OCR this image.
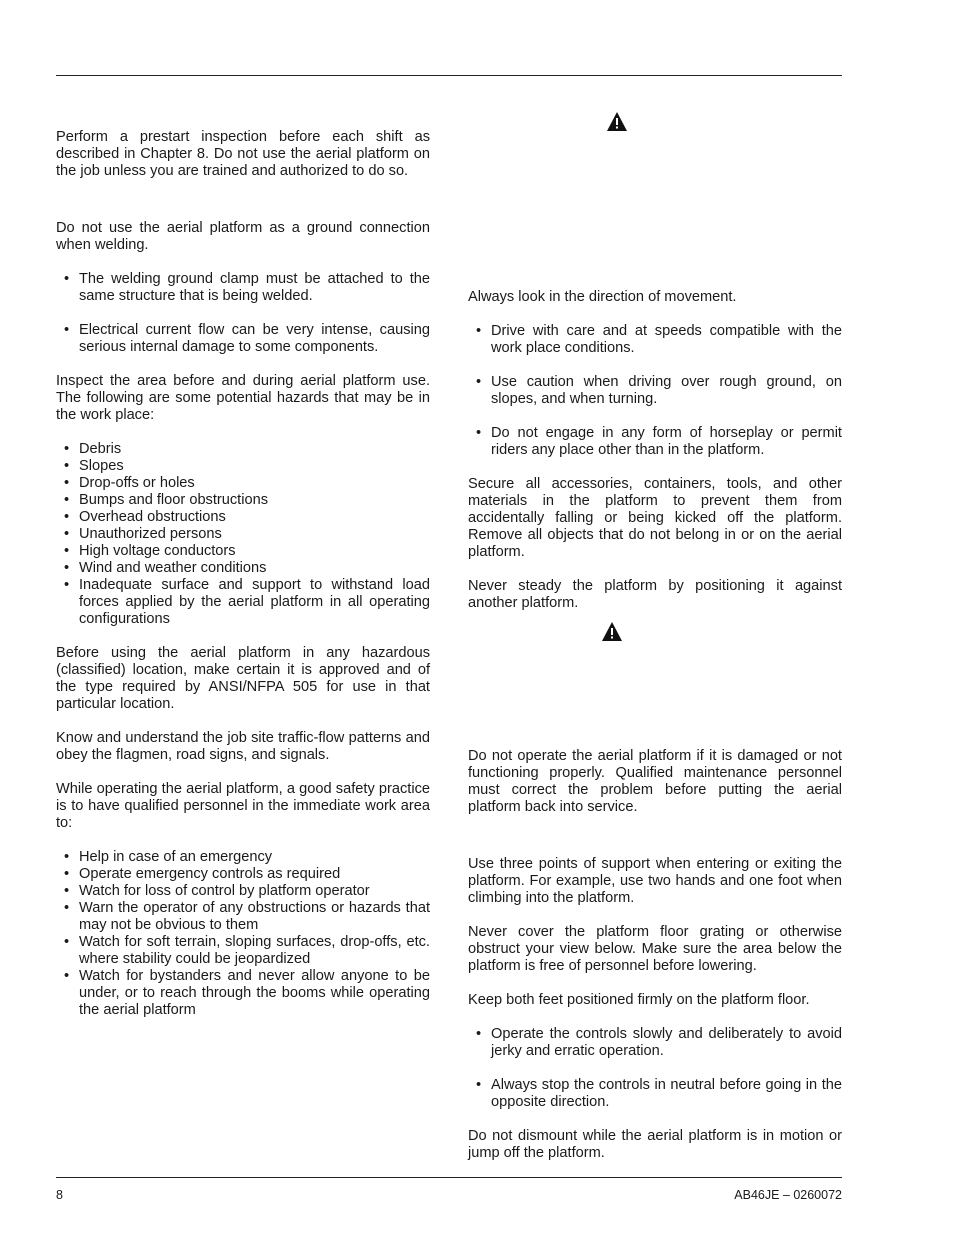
Perform a prestart inspection before each shift as described in Chapter 8. Do not use the aerial platform on the job unless you are trained and authorized to do so.

Do not use the aerial platform as a ground connection when welding.

• The welding ground clamp must be attached to the same structure that is being welded.
• Electrical current flow can be very intense, causing serious internal damage to some components.

Inspect the area before and during aerial platform use. The following are some potential hazards that may be in the work place:

• Debris
• Slopes
• Drop-offs or holes
• Bumps and floor obstructions
• Overhead obstructions
• Unauthorized persons
• High voltage conductors
• Wind and weather conditions
• Inadequate surface and support to withstand load forces applied by the aerial platform in all operating configurations

Before using the aerial platform in any hazardous (classified) location, make certain it is approved and of the type required by ANSI/NFPA 505 for use in that particular location.

Know and understand the job site traffic-flow patterns and obey the flagmen, road signs, and signals.

While operating the aerial platform, a good safety practice is to have qualified personnel in the immediate work area to:

• Help in case of an emergency
• Operate emergency controls as required
• Watch for loss of control by platform operator
• Warn the operator of any obstructions or hazards that may not be obvious to them
• Watch for soft terrain, sloping surfaces, drop-offs, etc. where stability could be jeopardized
• Watch for bystanders and never allow anyone to be under, or to reach through the booms while operating the aerial platform

Always look in the direction of movement.

• Drive with care and at speeds compatible with the work place conditions.
• Use caution when driving over rough ground, on slopes, and when turning.
• Do not engage in any form of horseplay or permit riders any place other than in the platform.

Secure all accessories, containers, tools, and other materials in the platform to prevent them from accidentally falling or being kicked off the platform. Remove all objects that do not belong in or on the aerial platform.

Never steady the platform by positioning it against another platform.

Do not operate the aerial platform if it is damaged or not functioning properly. Qualified maintenance personnel must correct the problem before putting the aerial platform back into service.

Use three points of support when entering or exiting the platform. For example, use two hands and one foot when climbing into the platform.

Never cover the platform floor grating or otherwise obstruct your view below. Make sure the area below the platform is free of personnel before lowering.

Keep both feet positioned firmly on the platform floor.

• Operate the controls slowly and deliberately to avoid jerky and erratic operation.
• Always stop the controls in neutral before going in the opposite direction.

Do not dismount while the aerial platform is in motion or jump off the platform.

8	AB46JE – 0260072
